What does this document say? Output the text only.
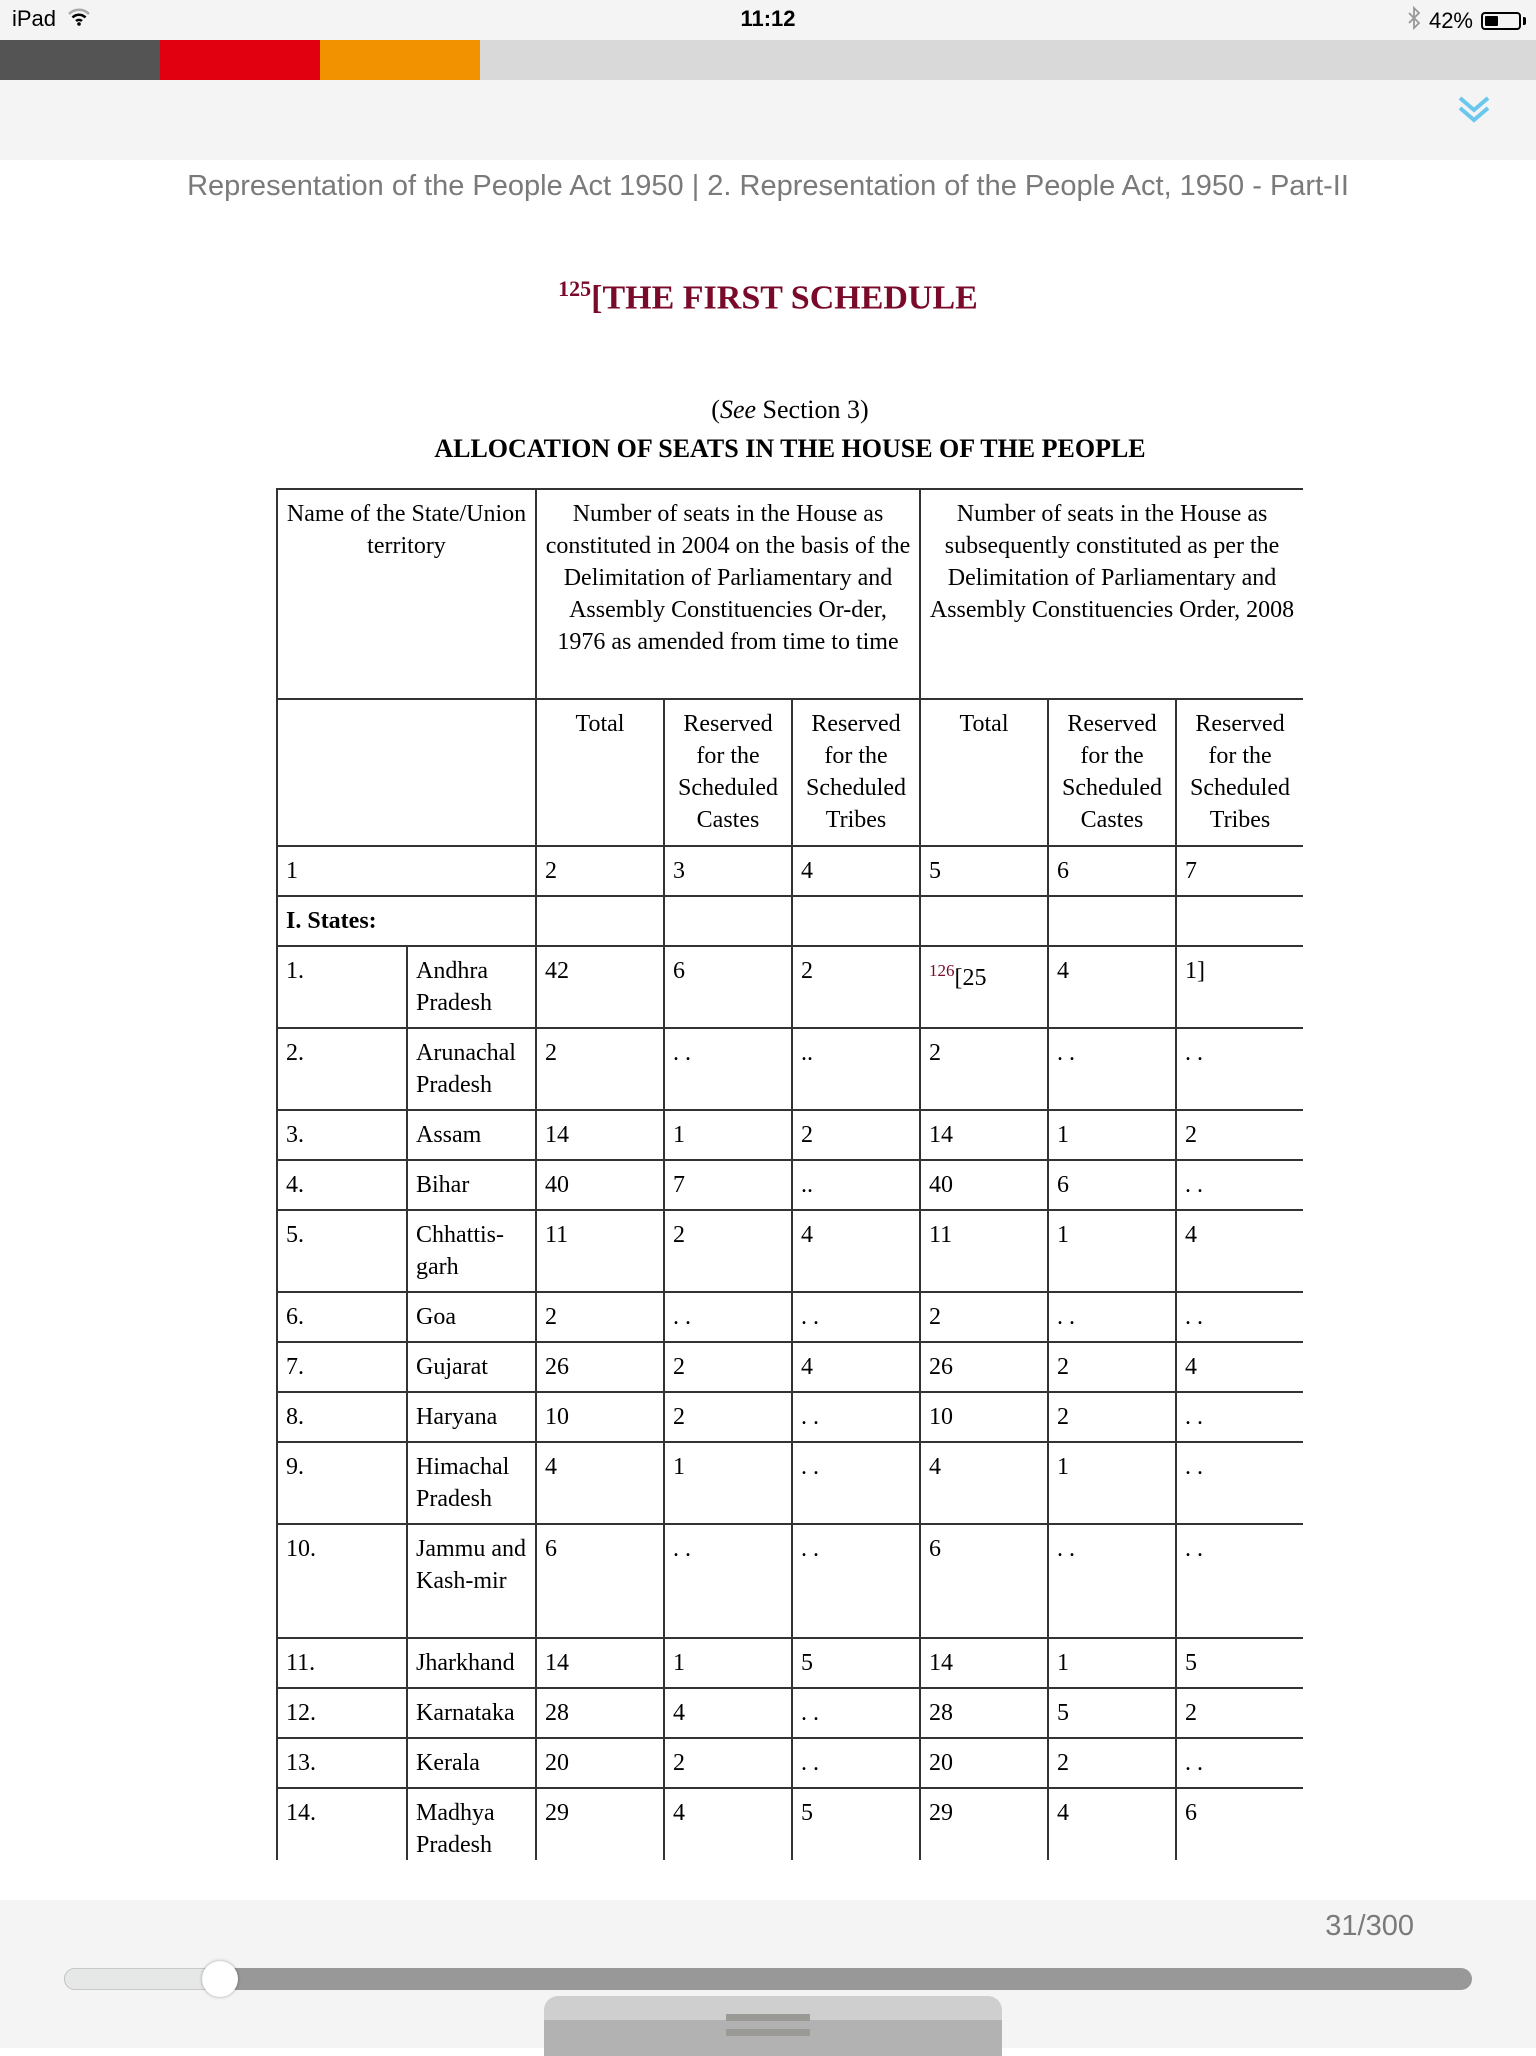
iPad	11:12	42%
Representation of the People Act 1950 | 2. Representation of the People Act, 1950 - Part-II
$^{125}$[THE FIRST SCHEDULE
(See Section 3)
ALLOCATION OF SEATS IN THE HOUSE OF THE PEOPLE
Name of the State/Union territory		Number of seats in the House as constituted in 2004 on the basis of the Delimitation of Parliamentary and Assembly Constituencies Or-der, 1976 as amended from time to time			Number of seats in the House as subsequently constituted as per the Delimitation of Parliamentary and Assembly Constituencies Order, 2008		
		Total	Reserved for the Scheduled Castes	Reserved for the Scheduled Tribes	Total	Reserved for the Scheduled Castes	Reserved for the Scheduled Tribes
1		2	3	4	5	6	7
I. States:							
1.	Andhra Pradesh	42	6	2	$^{126}$[25	4	1]
2.	Arunachal Pradesh	2	. .	..	2	. .	. .
3.	Assam	14	1	2	14	1	2
4.	Bihar	40	7	..	40	6	. .
5.	Chhattis-garh	11	2	4	11	1	4
6.	Goa	2	. .	. .	2	. .	. .
7.	Gujarat	26	2	4	26	2	4
8.	Haryana	10	2	. .	10	2	. .
9.	Himachal Pradesh	4	1	. .	4	1	. .
10.	Jammu and Kash-mir	6	. .	. .	6	. .	. .
11.	Jharkhand	14	1	5	14	1	5
12.	Karnataka	28	4	. .	28	5	2
13.	Kerala	20	2	. .	20	2	. .
14.	Madhya Pradesh	29	4	5	29	4	6
31/300
